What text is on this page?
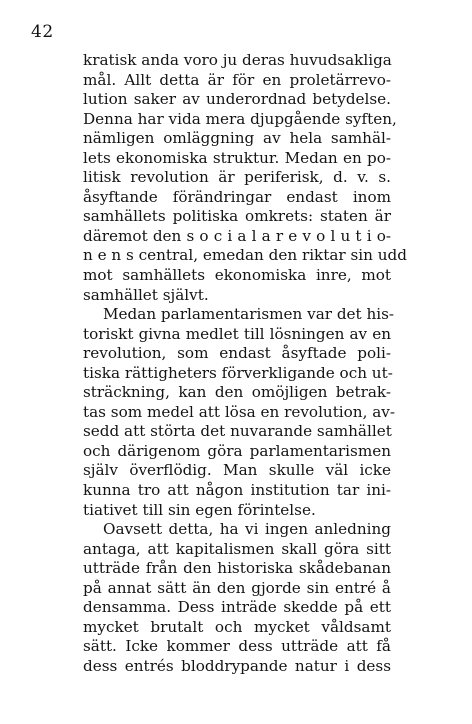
42
kratisk anda voro ju deras huvudsakliga
mål. Allt detta är för en proletärrevo-
lution saker av underordnad betydelse.
Denna har vida mera djupgående syften,
nämligen omläggning av hela samhäl-
lets ekonomiska struktur. Medan en po-
litisk revolution är periferisk, d. v. s.
åsyftande förändringar endast inom
samhällets politiska omkrets: staten är
däremot den s o c i a l a r e v o l u t i o-
n e n s central, emedan den riktar sin udd
mot samhällets ekonomiska inre, mot
samhället självt.
Medan parlamentarismen var det his-
toriskt givna medlet till lösningen av en
revolution, som endast åsyftade poli-
tiska rättigheters förverkligande och ut-
sträckning, kan den omöjligen betrak-
tas som medel att lösa en revolution, av-
sedd att störta det nuvarande samhället
och därigenom göra parlamentarismen
själv överflödig. Man skulle väl icke
kunna tro att någon institution tar ini-
tiativet till sin egen förintelse.
Oavsett detta, ha vi ingen anledning
antaga, att kapitalismen skall göra sitt
utträde från den historiska skådebanan
på annat sätt än den gjorde sin entré å
densamma. Dess inträde skedde på ett
mycket brutalt och mycket våldsamt
sätt. Icke kommer dess utträde att få
dess entrés bloddrypande natur i dess
